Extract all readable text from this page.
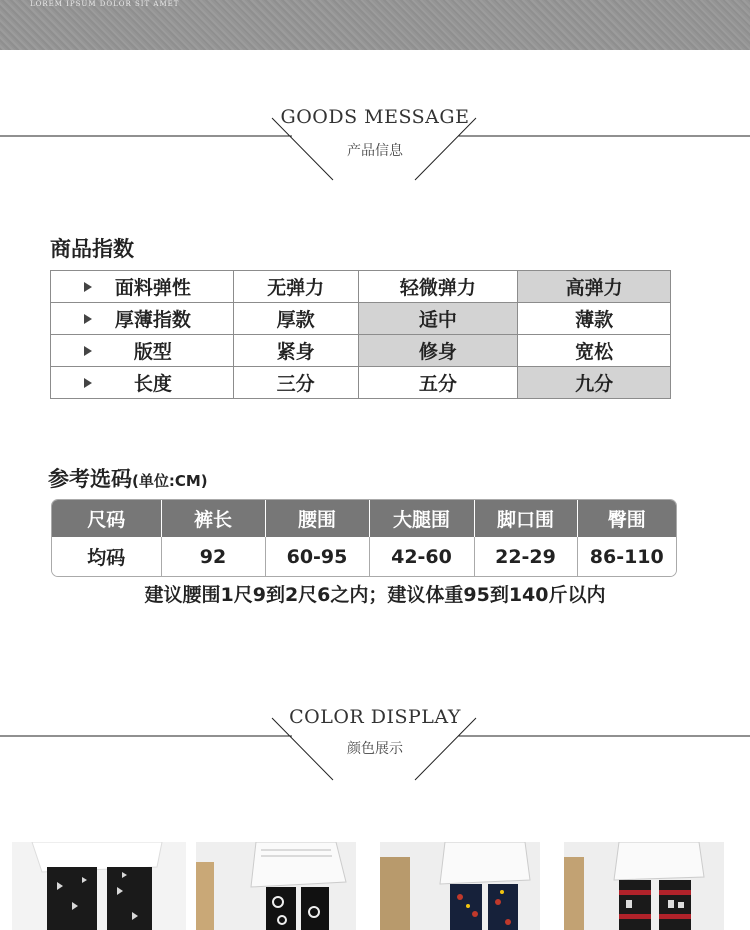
LOREM IPSUM DOLOR SIT AMET
GOODS MESSAGE
产品信息
商品指数
面料弹性	无弹力	轻微弹力	高弹力

厚薄指数	厚款	适中	薄款

版型	紧身	修身	宽松

长度	三分	五分	九分
参考选码(单位:CM)
尺码	裤长	腰围	大腿围	脚口围	臀围
均码	92	60-95	42-60	22-29	86-110
建议腰围1尺9到2尺6之内；建议体重95到140斤以内
COLOR DISPLAY
颜色展示
